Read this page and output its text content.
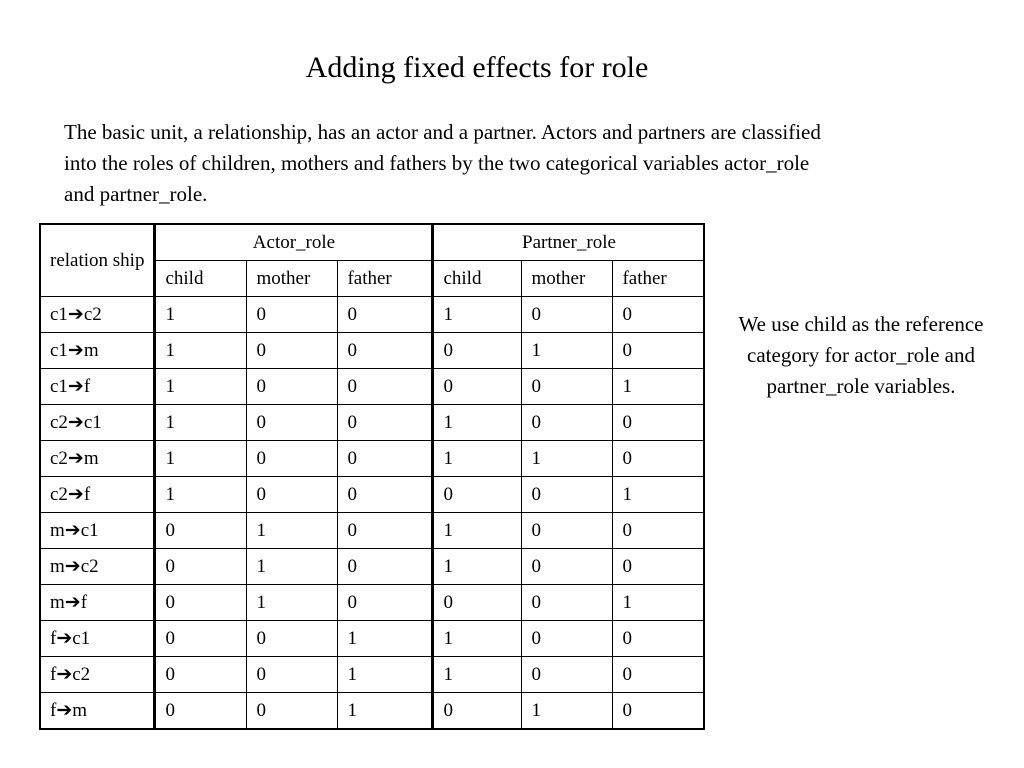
Adding fixed effects for role
The basic unit, a relationship, has an actor and a partner. Actors and partners are classified into the roles of children, mothers and fathers by the two categorical variables actor_role and partner_role.
We use child as the reference category for actor_role and partner_role variables.
relation ship	Actor_role			Partner_role		
	child	mother	father	child	mother	father
c1➔c2	1	0	0	1	0	0
c1➔m	1	0	0	0	1	0
c1➔f	1	0	0	0	0	1
c2➔c1	1	0	0	1	0	0
c2➔m	1	0	0	1	1	0
c2➔f	1	0	0	0	0	1
m➔c1	0	1	0	1	0	0
m➔c2	0	1	0	1	0	0
m➔f	0	1	0	0	0	1
f➔c1	0	0	1	1	0	0
f➔c2	0	0	1	1	0	0
f➔m	0	0	1	0	1	0
